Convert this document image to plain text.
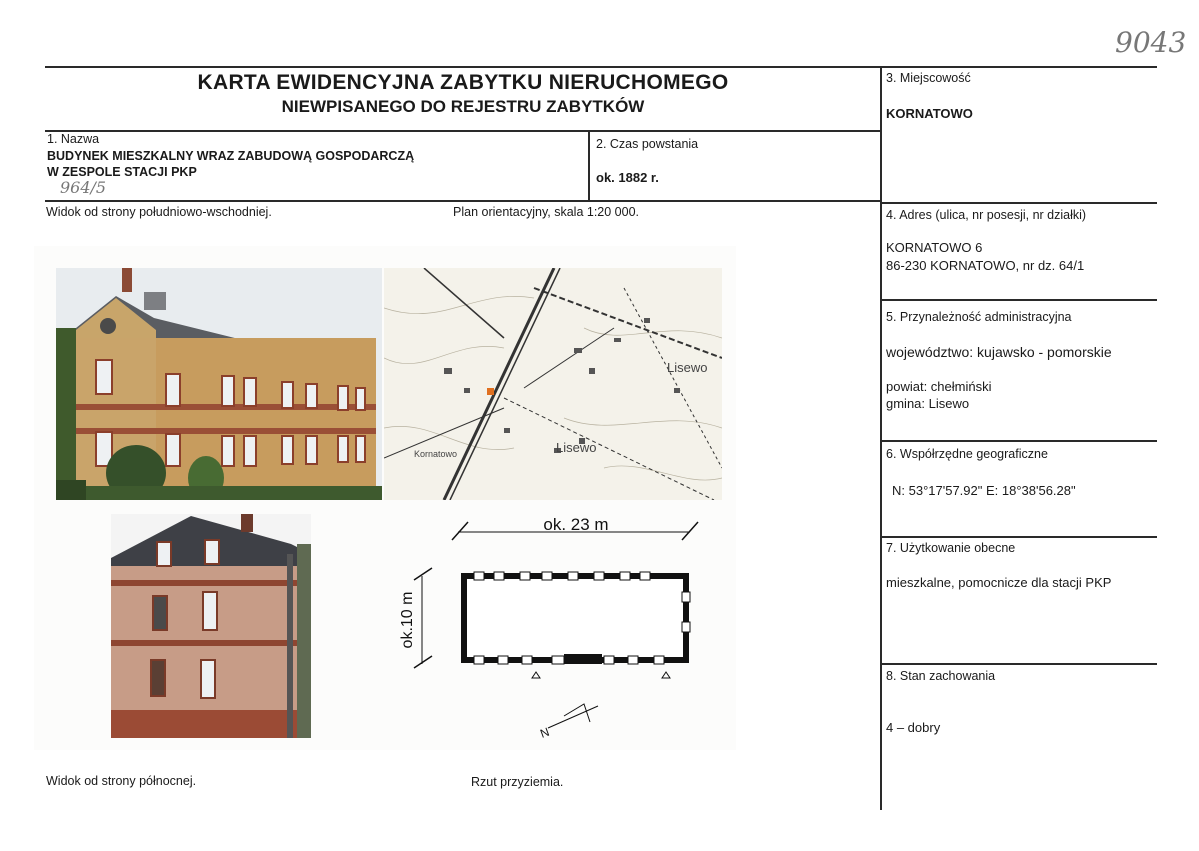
9043
KARTA EWIDENCYJNA ZABYTKU NIERUCHOMEGO
NIEWPISANEGO DO REJESTRU ZABYTKÓW
1. Nazwa
BUDYNEK MIESZKALNY WRAZ ZABUDOWĄ GOSPODARCZĄ
W ZESPOLE STACJI PKP
964/5
2. Czas powstania
ok. 1882 r.
3. Miejscowość
KORNATOWO
4. Adres (ulica, nr posesji, nr działki)
KORNATOWO 6
86-230 KORNATOWO, nr dz. 64/1
5. Przynależność administracyjna
województwo: kujawsko - pomorskie
powiat: chełmiński
gmina: Lisewo
6. Współrzędne geograficzne
N: 53°17'57.92" E: 18°38'56.28"
7. Użytkowanie obecne
mieszkalne, pomocnicze dla stacji PKP
8. Stan zachowania
4 – dobry
Widok od strony południowo-wschodniej.	Plan orientacyjny, skala 1:20 000.
Widok od strony północnej.	Rzut przyziemia.
Lisewo
Lisewo
Kornatowo
ok. 23 m
ok.10 m
N
